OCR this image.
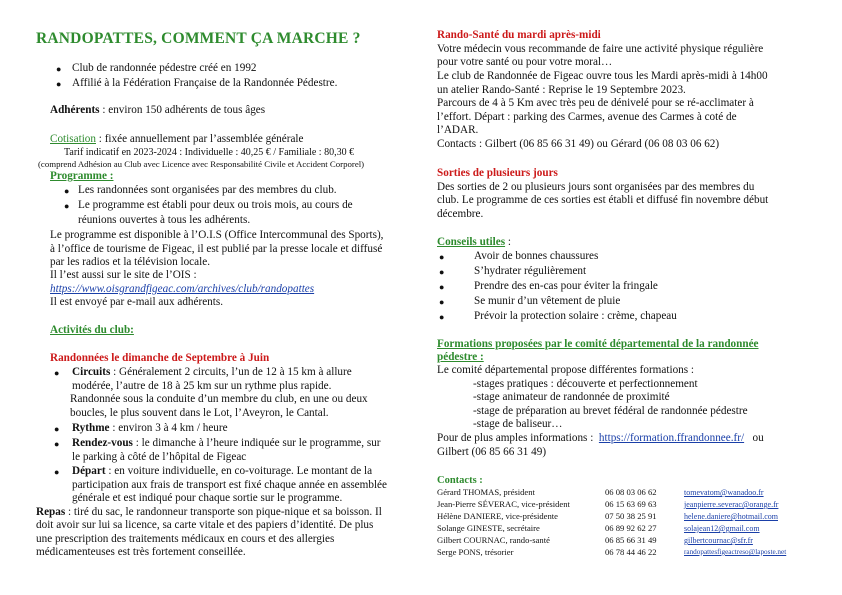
RANDOPATTES, COMMENT ÇA MARCHE ?
● Club de randonnée pédestre créé en 1992
● Affilié à la Fédération Française de la Randonnée Pédestre.
Adhérents : environ 150 adhérents de tous âges
Cotisation : fixée annuellement par l’assemblée générale
Tarif indicatif en 2023-2024 : Individuelle : 40,25 € / Familiale : 80,30 €
(comprend Adhésion au Club avec Licence avec Responsabilité Civile et Accident Corporel)
Programme :
● Les randonnées sont organisées par des membres du club.
● Le programme est établi pour deux ou trois mois, au cours de
réunions ouvertes à tous les adhérents.
Le programme est disponible à l’O.I.S (Office Intercommunal des Sports),
à l’office de tourisme de Figeac, il est publié par la presse locale et diffusé
par les radios et la télévision locale.
Il l’est aussi sur le site de l’OIS :
https://www.oisgrandfigeac.com/archives/club/randopattes
Il est envoyé par e-mail aux adhérents.
Activités du club:
Randonnées le dimanche de Septembre à Juin
● Circuits : Généralement 2 circuits, l’un de 12 à 15 km à allure
modérée, l’autre de 18 à 25 km sur un rythme plus rapide.
Randonnée sous la conduite d’un membre du club, en une ou deux
boucles, le plus souvent dans le Lot, l’Aveyron, le Cantal.
● Rythme : environ 3 à 4 km / heure
● Rendez-vous : le dimanche à l’heure indiquée sur le programme, sur
le parking à côté de l’hôpital de Figeac
● Départ : en voiture individuelle, en co-voiturage. Le montant de la
participation aux frais de transport est fixé chaque année en assemblée
générale et est indiqué pour chaque sortie sur le programme.
Repas : tiré du sac, le randonneur transporte son pique-nique et sa boisson. Il
doit avoir sur lui sa licence, sa carte vitale et des papiers d’identité. De plus
une prescription des traitements médicaux en cours et des allergies
médicamenteuses est très fortement conseillée.
Rando-Santé du mardi après-midi
Votre médecin vous recommande de faire une activité physique régulière
pour votre santé ou pour votre moral…
Le club de Randonnée de Figeac ouvre tous les Mardi après-midi à 14h00
un atelier Rando-Santé : Reprise le 19 Septembre 2023.
Parcours de 4 à 5 Km avec très peu de dénivelé pour se ré-acclimater à
l’effort. Départ : parking des Carmes, avenue des Carmes à coté de
l’ADAR.
Contacts : Gilbert (06 85 66 31 49) ou Gérard (06 08 03 06 62)
Sorties de plusieurs jours
Des sorties de 2 ou plusieurs jours sont organisées par des membres du
club. Le programme de ces sorties est établi et diffusé fin novembre début
décembre.
Conseils utiles :
●	Avoir de bonnes chaussures
●	S’hydrater régulièrement
●	Prendre des en-cas pour éviter la fringale
●	Se munir d’un vêtement de pluie
●	Prévoir la protection solaire : crème, chapeau
Formations proposées par le comité départemental de la randonnée
pédestre :
Le comité départemental propose différentes formations :
-stages pratiques : découverte et perfectionnement
-stage animateur de randonnée de proximité
-stage de préparation au brevet fédéral de randonnée pédestre
-stage de baliseur…
Pour de plus amples informations : https://formation.ffrandonnee.fr/ ou
Gilbert (06 85 66 31 49)
Contacts :
Gérard THOMAS, président	06 08 03 06 62	tomevatom@wanadoo.fr
Jean-Pierre SÉVERAC, vice-président	06 15 63 69 63	jeanpierre.severac@orange.fr
Hélène DANIERE, vice-présidente	07 50 38 25 91	helene.daniere@hotmail.com
Solange GINESTE, secrétaire	06 89 92 62 27	solajean12@gmail.com
Gilbert COURNAC, rando-santé	06 85 66 31 49	gilbertcournac@sfr.fr
Serge PONS, trésorier	06 78 44 46 22	randopattesfigeactreso@laposte.net
